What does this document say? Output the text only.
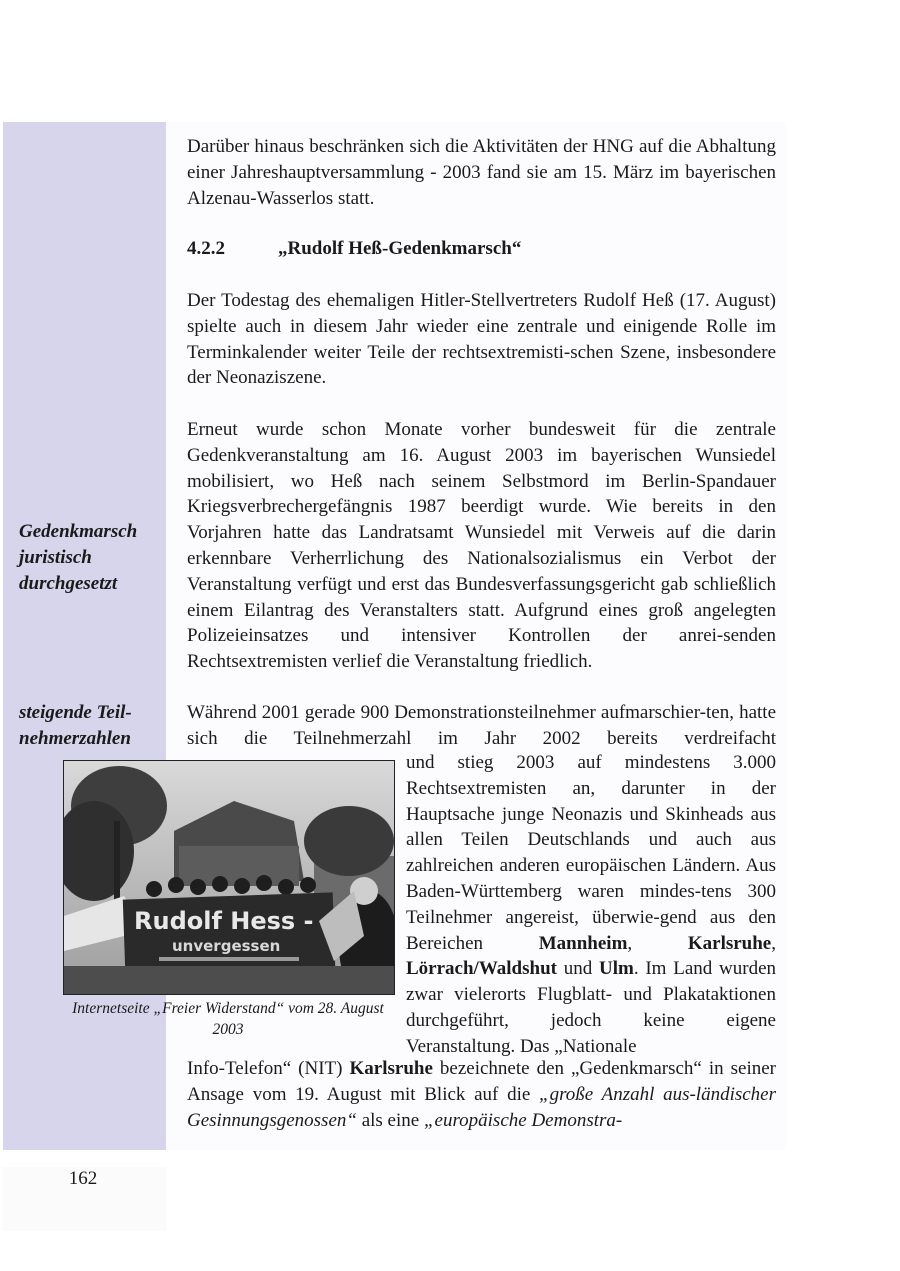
162

Darüber hinaus beschränken sich die Aktivitäten der HNG auf die Abhaltung einer Jahreshauptversammlung - 2003 fand sie am 15. März im bayerischen Alzenau-Wasserlos statt.

4.2.2	„Rudolf Heß-Gedenkmarsch“

Der Todestag des ehemaligen Hitler-Stellvertreters Rudolf Heß (17. August) spielte auch in diesem Jahr wieder eine zentrale und einigende Rolle im Terminkalender weiter Teile der rechtsextremisti-schen Szene, insbesondere der Neonaziszene.

Erneut wurde schon Monate vorher bundesweit für die zentrale Gedenkveranstaltung am 16. August 2003 im bayerischen Wunsiedel mobilisiert, wo Heß nach seinem Selbstmord im Berlin-Spandauer Kriegsverbrechergefängnis 1987 beerdigt wurde. Wie bereits in den Vorjahren hatte das Landratsamt Wunsiedel mit Verweis auf die darin erkennbare Verherrlichung des Nationalsozialismus ein Verbot der Veranstaltung verfügt und erst das Bundesverfassungsgericht gab schließlich einem Eilantrag des Veranstalters statt. Aufgrund eines groß angelegten Polizeieinsatzes und intensiver Kontrollen der anrei-senden Rechtsextremisten verlief die Veranstaltung friedlich.

Gedenkmarsch juristisch durchgesetzt
steigende Teil-nehmerzahlen

Während 2001 gerade 900 Demonstrationsteilnehmer aufmarschier-ten, hatte sich die Teilnehmerzahl im Jahr 2002 bereits verdreifacht

und stieg 2003 auf mindestens 3.000 Rechtsextremisten an, darunter in der Hauptsache junge Neonazis und Skinheads aus allen Teilen Deutschlands und auch aus zahlreichen anderen europäischen Ländern. Aus Baden-Württemberg waren mindes-tens 300 Teilnehmer angereist, überwie-gend aus den Bereichen	Mannheim,	Karlsruhe, Lörrach/Waldshut und Ulm. Im Land wurden zwar vielerorts Flugblatt- und Plakataktionen durchgeführt, jedoch keine eigene Veranstaltung. Das „Nationale

Info-Telefon“ (NIT) Karlsruhe bezeichnete den „Gedenkmarsch“ in seiner Ansage vom 19. August mit Blick auf die „große Anzahl aus-ländischer Gesinnungsgenossen“ als eine „europäische Demonstra-

Rudolf Hess -
unvergessen
Internetseite „Freier Widerstand“ vom 28. August 2003
